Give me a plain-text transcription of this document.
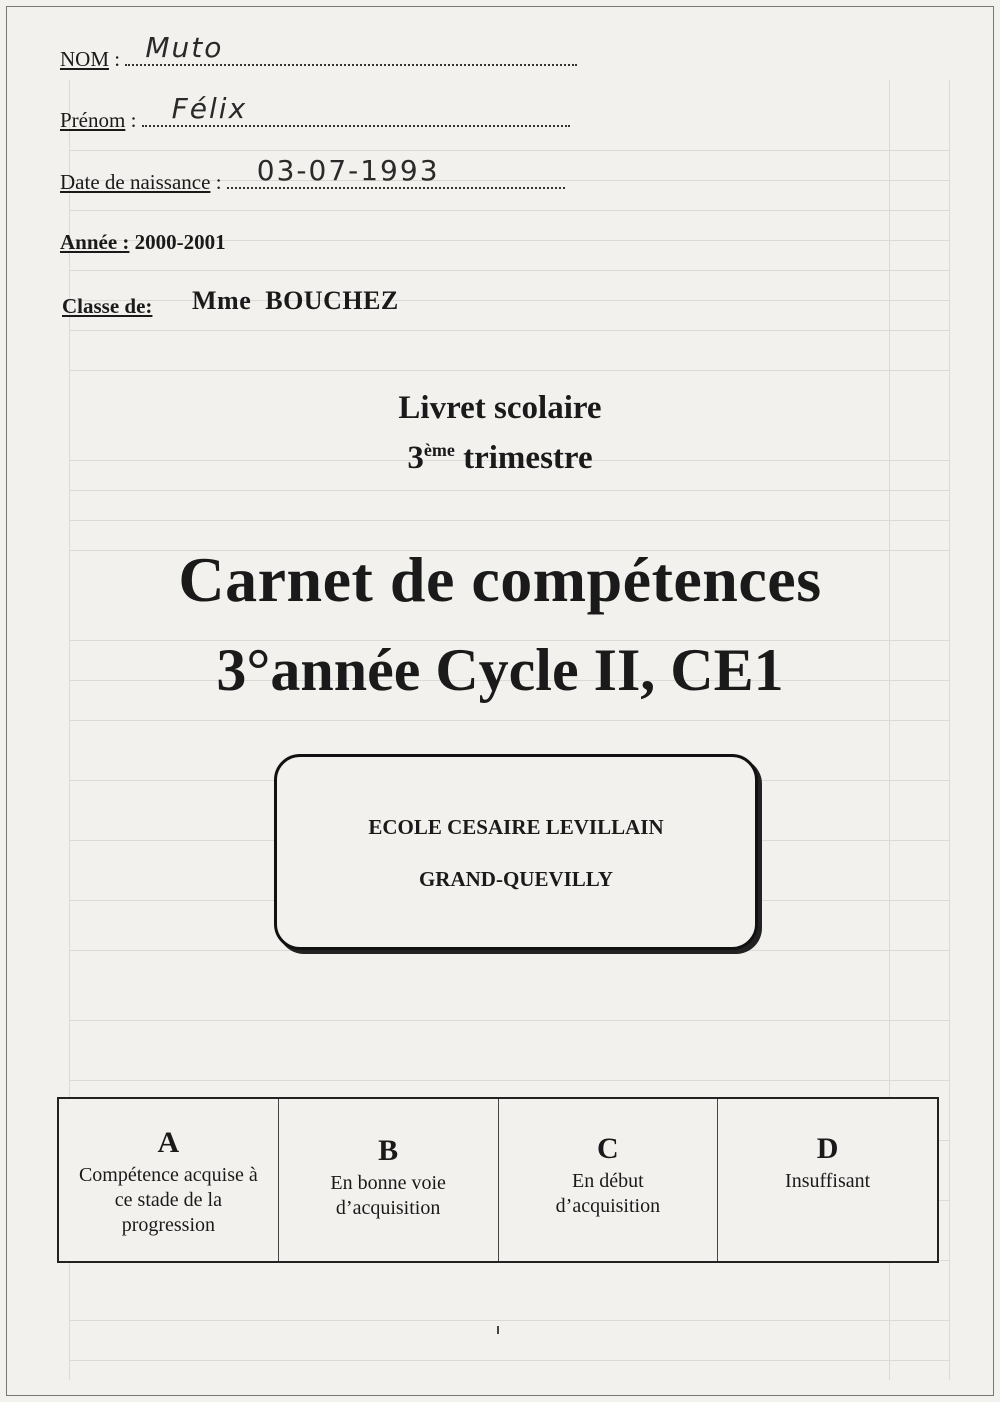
NOM : Muto
Prénom : Félix
Date de naissance : 03-07-1993
Année : 2000-2001
Classe de: Mme  BOUCHEZ
Livret scolaire
3ème trimestre
Carnet de compétences
3°année Cycle II, CE1
ECOLE CESAIRE LEVILLAIN
GRAND-QUEVILLY
A
Compétence acquise à ce stade de la progression
B
En bonne voie d’acquisition
C
En début d’acquisition
D
Insuffisant
